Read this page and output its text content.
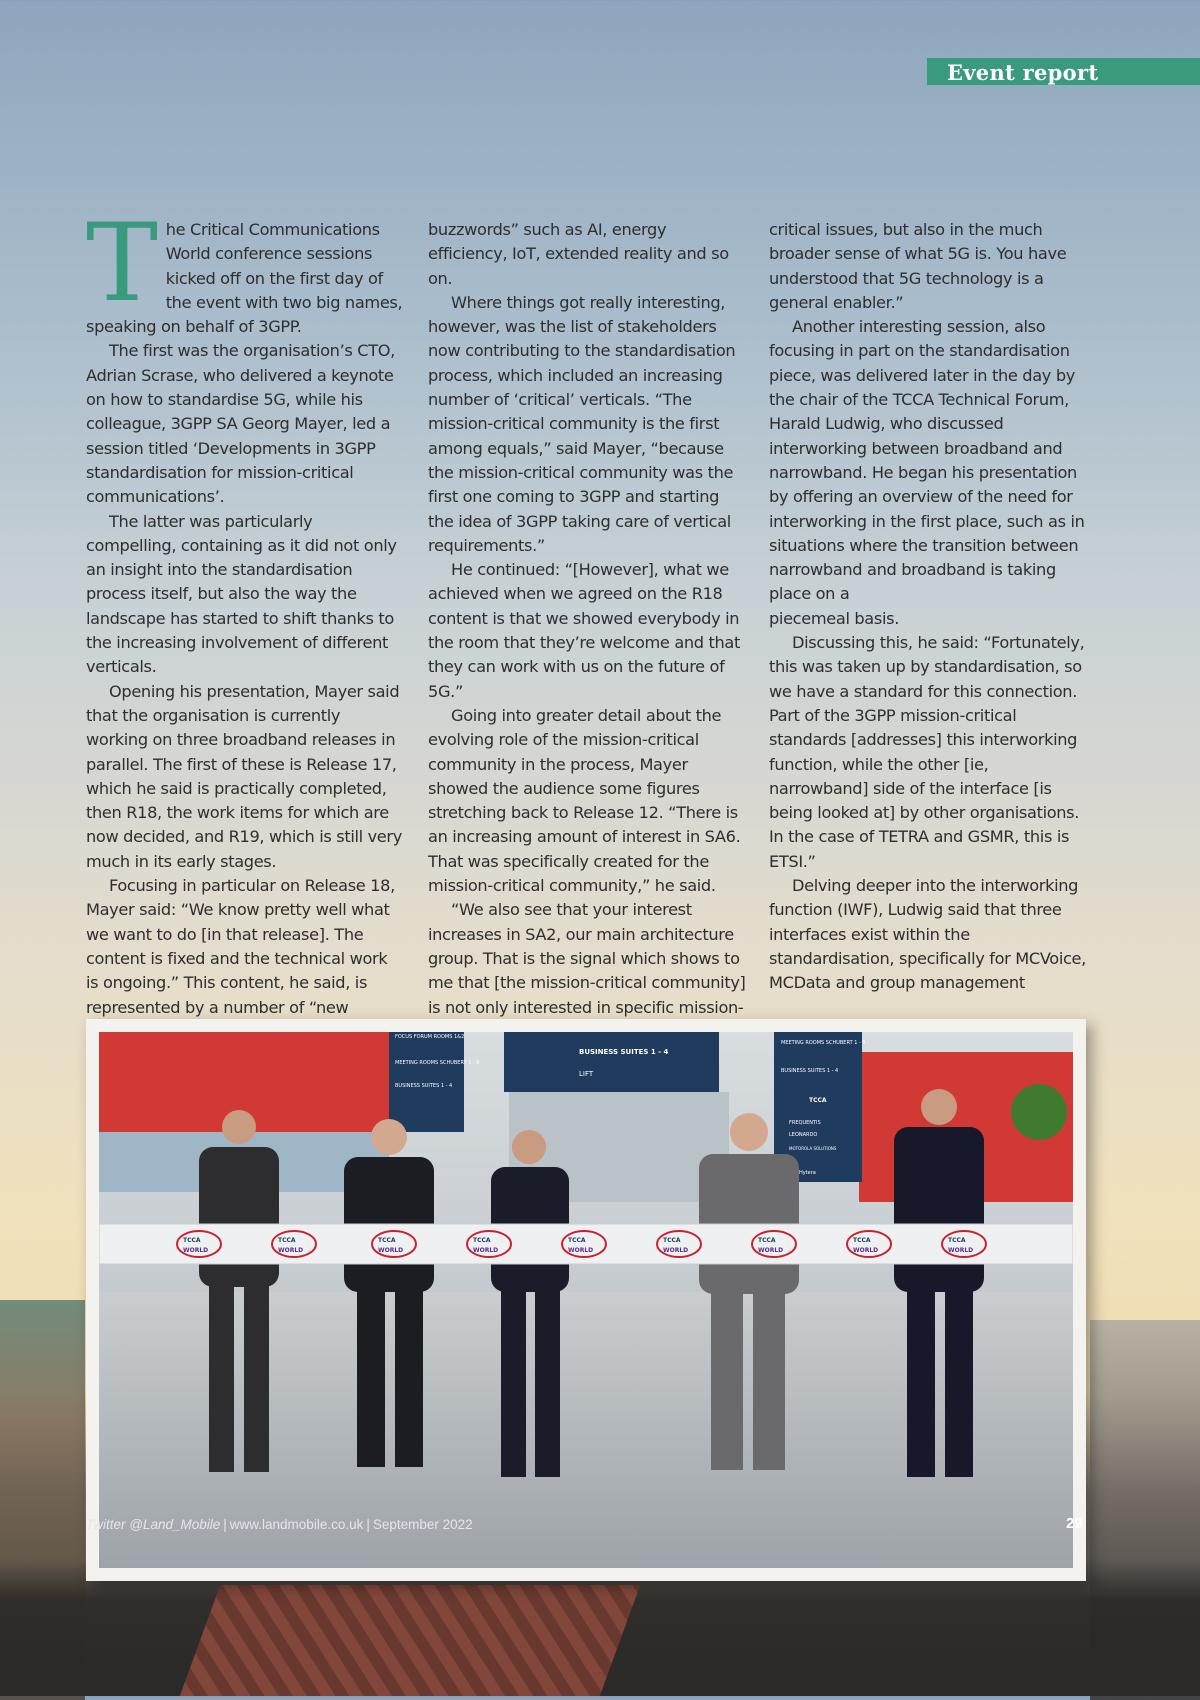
Event report

The Critical Communications World conference sessions kicked off on the first day of the event with two big names, speaking on behalf of 3GPP.

The first was the organisation’s CTO, Adrian Scrase, who delivered a keynote on how to standardise 5G, while his colleague, 3GPP SA Georg Mayer, led a session titled ‘Developments in 3GPP standardisation for mission-critical communications’.

The latter was particularly compelling, containing as it did not only an insight into the standardisation process itself, but also the way the landscape has started to shift thanks to the increasing involvement of different verticals.

Opening his presentation, Mayer said that the organisation is currently working on three broadband releases in parallel. The first of these is Release 17, which he said is practically completed, then R18, the work items for which are now decided, and R19, which is still very much in its early stages.

Focusing in particular on Release 18, Mayer said: “We know pretty well what we want to do [in that release]. The content is fixed and the technical work is ongoing.” This content, he said, is represented by a number of “new

buzzwords” such as AI, energy efficiency, IoT, extended reality and so on.

Where things got really interesting, however, was the list of stakeholders now contributing to the standardisation process, which included an increasing number of ‘critical’ verticals. “The mission-critical community is the first among equals,” said Mayer, “because the mission-critical community was the first one coming to 3GPP and starting the idea of 3GPP taking care of vertical requirements.”

He continued: “[However], what we achieved when we agreed on the R18 content is that we showed everybody in the room that they’re welcome and that they can work with us on the future of 5G.”

Going into greater detail about the evolving role of the mission-critical community in the process, Mayer showed the audience some figures stretching back to Release 12. “There is an increasing amount of interest in SA6. That was specifically created for the mission-critical community,” he said.

“We also see that your interest increases in SA2, our main architecture group. That is the signal which shows to me that [the mission-critical community] is not only interested in specific mission-

critical issues, but also in the much broader sense of what 5G is. You have understood that 5G technology is a general enabler.”

Another interesting session, also focusing in part on the standardisation piece, was delivered later in the day by the chair of the TCCA Technical Forum, Harald Ludwig, who discussed interworking between broadband and narrowband. He began his presentation by offering an overview of the need for interworking in the first place, such as in situations where the transition between narrowband and broadband is taking place on a

piecemeal basis.

Discussing this, he said: “Fortunately, this was taken up by standardisation, so we have a standard for this connection. Part of the 3GPP mission-critical standards [addresses] this interworking function, while the other [ie, narrowband] side of the interface [is being looked at] by other organisations. In the case of TETRA and GSMR, this is ETSI.”

Delving deeper into the interworking function (IWF), Ludwig said that three interfaces exist within the standardisation, specifically for MCVoice, MCData and group management

FOCUS FORUM ROOMS 1&2
MEETING ROOMS SCHUBERT 1 - 6
BUSINESS SUITES 1 - 4
BUSINESS SUITES 1 - 4
LIFT
MEETING ROOMS SCHUBERT 1 - 6
BUSINESS SUITES 1 - 4
TCCA
FREQUENTIS
LEONARDO
MOTOROLA SOLUTIONS
Hytera
TCCA
WORLD
TCCA
WORLD
TCCA
WORLD
TCCA
WORLD
TCCA
WORLD
TCCA
WORLD
TCCA
WORLD
TCCA
WORLD
TCCA
WORLD
Twitter @Land_Mobile | www.landmobile.co.uk | September 2022	29
